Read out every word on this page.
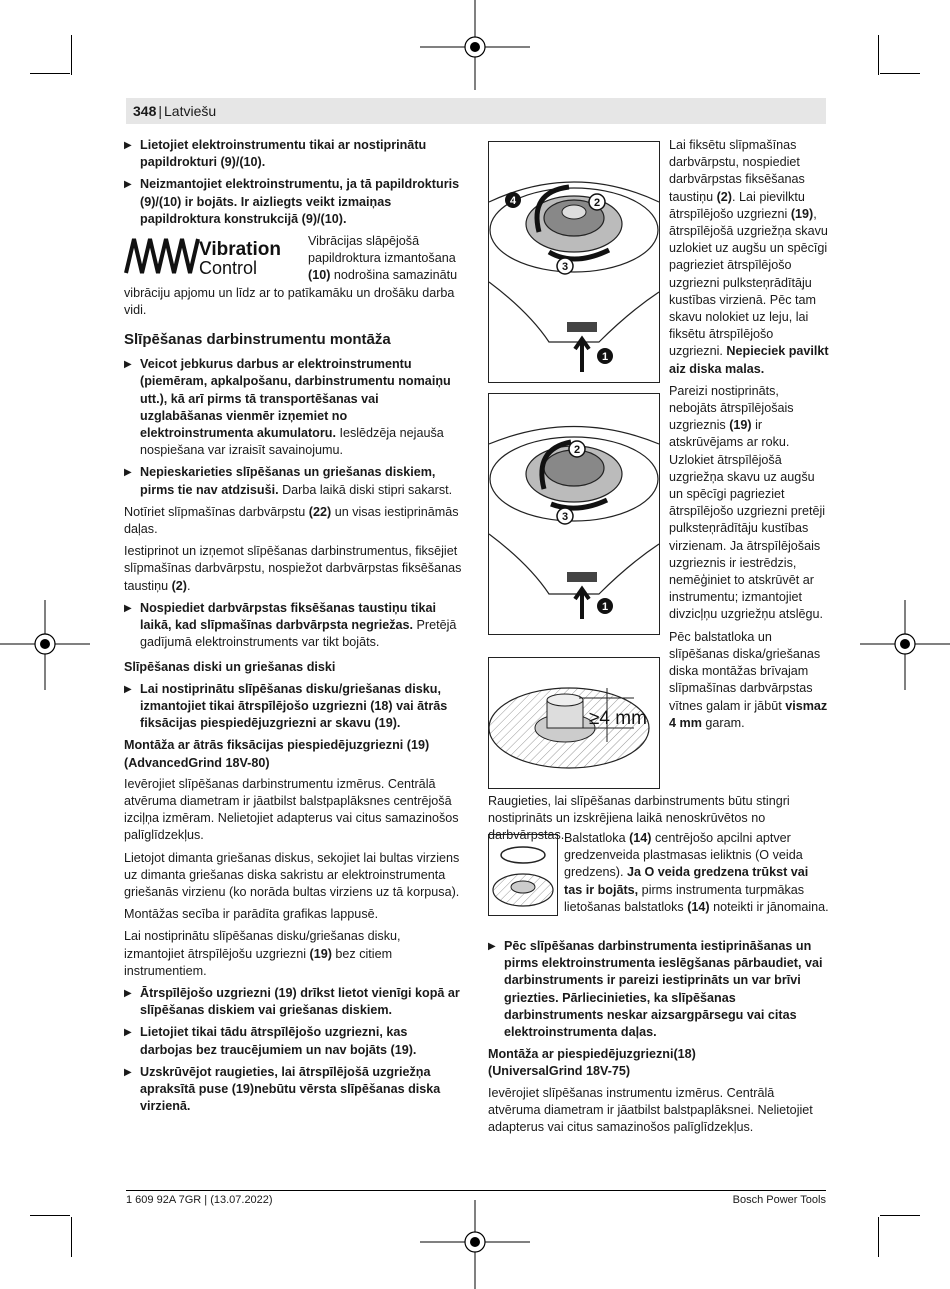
348 | Latviešu
▶ Lietojiet elektroinstrumentu tikai ar nostiprinātu papildrokturi (9)/(10).
▶ Neizmantojiet elektroinstrumentu, ja tā papildrokturis (9)/(10) ir bojāts. Ir aizliegts veikt izmaiņas papildroktura konstrukcijā (9)/(10).
Vibration
Control

Vibrācijas slāpējošā papildroktura izmantošana (10) nodrošina samazinātu vibrāciju apjomu un līdz ar to patīkamāku un drošāku darba vidi.

Slīpēšanas darbinstrumentu montāža
▶ Veicot jebkurus darbus ar elektroinstrumentu (piemēram, apkalpošanu, darbinstrumentu nomaiņu utt.), kā arī pirms tā transportēšanas vai uzglabāšanas vienmēr izņemiet no elektroinstrumenta akumulatoru. Ieslēdzēja nejauša nospiešana var izraisīt savainojumu.
▶ Nepieskarieties slīpēšanas un griešanas diskiem, pirms tie nav atdzisuši. Darba laikā diski stipri sakarst.

Notīriet slīpmašīnas darbvārpstu (22) un visas iestiprināmās daļas.

Iestiprinot un izņemot slīpēšanas darbinstrumentus, fiksējiet slīpmašīnas darbvārpstu, nospiežot darbvārpstas fiksēšanas taustiņu (2).

▶ Nospiediet darbvārpstas fiksēšanas taustiņu tikai laikā, kad slīpmašīnas darbvārpsta negriežas. Pretējā gadījumā elektroinstruments var tikt bojāts.
Slīpēšanas diski un griešanas diski
▶ Lai nostiprinātu slīpēšanas disku/griešanas disku, izmantojiet tikai ātrspīlējošo uzgriezni (18) vai ātrās fiksācijas piespiedējuzgriezni ar skavu (19).
Montāža ar ātrās fiksācijas piespiedējuzgriezni (19)
(AdvancedGrind 18V-80)

Ievērojiet slīpēšanas darbinstrumentu izmērus. Centrālā atvēruma diametram ir jāatbilst balstpaplāksnes centrējošā izciļņa izmēram. Nelietojiet adapterus vai citus samazinošos palīglīdzekļus.

Lietojot dimanta griešanas diskus, sekojiet lai bultas virziens uz dimanta griešanas diska sakristu ar elektroinstrumenta griešanās virzienu (ko norāda bultas virziens uz tā korpusa).

Montāžas secība ir parādīta grafikas lappusē.

Lai nostiprinātu slīpēšanas disku/griešanas disku, izmantojiet ātrspīlējošu uzgriezni (19) bez citiem instrumentiem.

▶ Ātrspīlējošo uzgriezni (19) drīkst lietot vienīgi kopā ar slīpēšanas diskiem vai griešanas diskiem.
▶ Lietojiet tikai tādu ātrspīlējošo uzgriezni, kas darbojas bez traucējumiem un nav bojāts (19).
▶ Uzskrūvējot raugieties, lai ātrspīlējošā uzgriežņa apraksītā puse (19)nebūtu vērsta slīpēšanas diska virzienā.
4	2
3
1
2
3
1
≥4 mm

Lai fiksētu slīpmašīnas darbvārpstu, nospiediet darbvārpstas fiksēšanas taustiņu (2). Lai pievilktu ātrspīlējošo uzgriezni (19), ātrspīlējošā uzgriežņa skavu uzlokiet uz augšu un spēcīgi pagrieziet ātrspīlējošo uzgriezni pulksteņrādītāju kustības virzienā. Pēc tam skavu nolokiet uz leju, lai fiksētu ātrspīlējošo uzgriezni. Nepieciek pavilkt aiz diska malas.

Pareizi nostiprināts, nebojāts ātrspīlējošais uzgrieznis (19) ir atskrūvējams ar roku. Uzlokiet ātrspīlējošā uzgriežņa skavu uz augšu un spēcīgi pagrieziet ātrspīlējošo uzgriezni pretēji pulksteņrādītāju kustības virzienam. Ja ātrspīlējošais uzgrieznis ir iestrēdzis, nemēģiniet to atskrūvēt ar instrumentu; izmantojiet divzicļņu uzgriežņu atslēgu.

Pēc balstatloka un slīpēšanas diska/griešanas diska montāžas brīvajam slīpmašīnas darbvārpstas vītnes galam ir jābūt vismaz 4 mm garam.

Raugieties, lai slīpēšanas darbinstruments būtu stingri nostiprināts un izskrējiena laikā nenoskrūvētos no darbvārpstas. Balstatloka (14) centrējošo apcilni aptver gredzenveida plastmasas ieliktnis (O veida gredzens). Ja O veida gredzena trūkst vai tas ir bojāts, pirms instrumenta turpmākas lietošanas balstatloks (14) noteikti ir jānomaina.

▶ Pēc slīpēšanas darbinstrumenta iestiprināšanas un pirms elektroinstrumenta ieslēgšanas pārbaudiet, vai darbinstruments ir pareizi iestiprināts un var brīvi griezties. Pārliecinieties, ka slīpēšanas darbinstruments neskar aizsargpārsegu vai citas elektroinstrumenta daļas.
Montāža ar piespiedējuzgriezni(18)
(UniversalGrind 18V-75)

Ievērojiet slīpēšanas instrumentu izmērus. Centrālā atvēruma diametram ir jāatbilst balstpaplāksnei. Nelietojiet adapterus vai citus samazinošos palīglīdzekļus.

1 609 92A 7GR | (13.07.2022)	Bosch Power Tools
